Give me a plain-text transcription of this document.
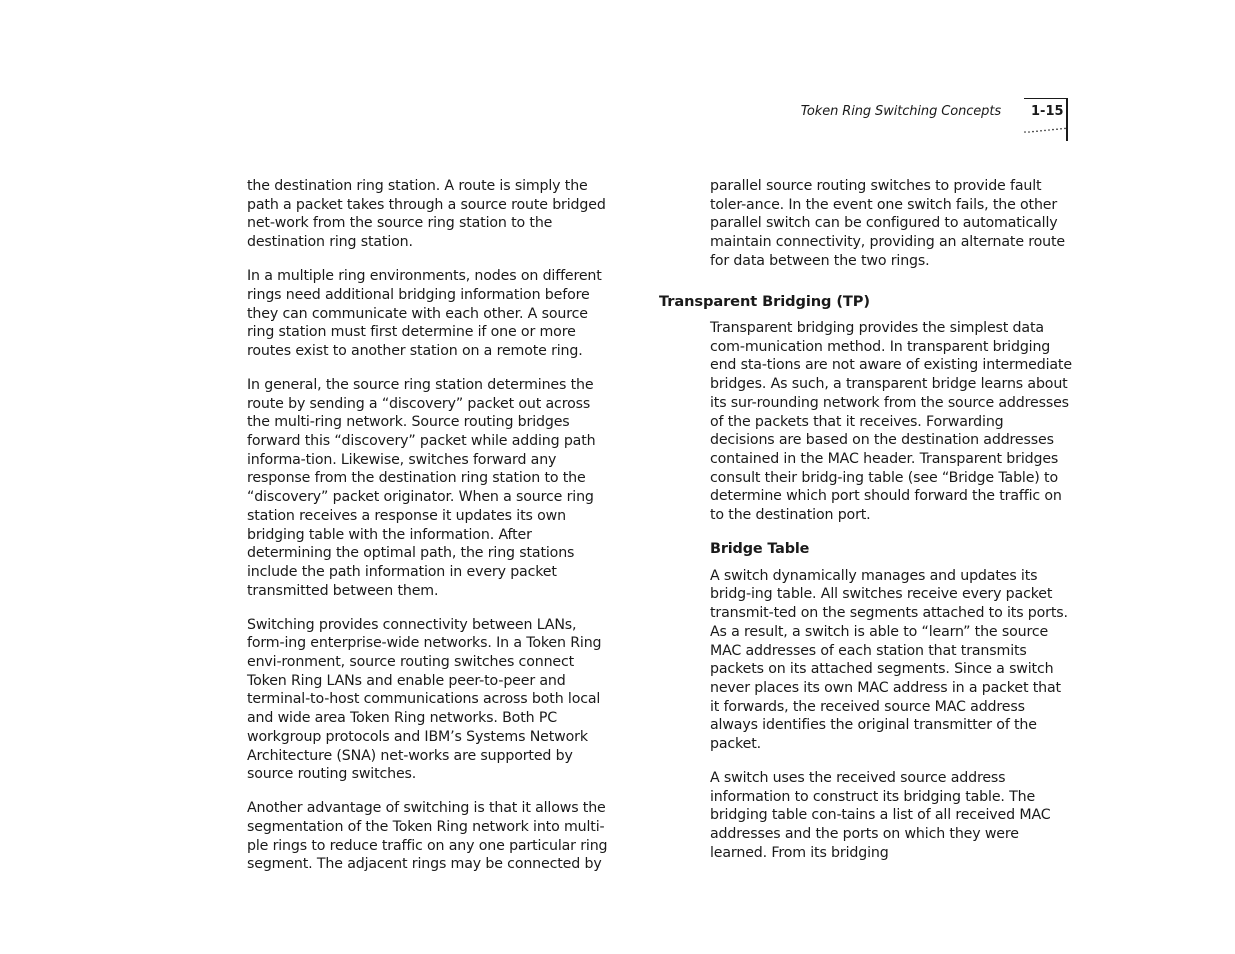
Token Ring Switching Concepts 1-15

the destination ring station. A route is simply the path a packet takes through a source route bridged net-work from the source ring station to the destination ring station.

In a multiple ring environments, nodes on different rings need additional bridging information before they can communicate with each other. A source ring station must first determine if one or more routes exist to another station on a remote ring.

In general, the source ring station determines the route by sending a “discovery” packet out across the multi-ring network. Source routing bridges forward this “discovery” packet while adding path informa-tion. Likewise, switches forward any response from the destination ring station to the “discovery” packet originator. When a source ring station receives a response it updates its own bridging table with the information. After determining the optimal path, the ring stations include the path information in every packet transmitted between them.

Switching provides connectivity between LANs, form-ing enterprise-wide networks. In a Token Ring envi-ronment, source routing switches connect Token Ring LANs and enable peer-to-peer and terminal-to-host communications across both local and wide area Token Ring networks. Both PC workgroup protocols and IBM’s Systems Network Architecture (SNA) net-works are supported by source routing switches.

Another advantage of switching is that it allows the segmentation of the Token Ring network into multi-ple rings to reduce traffic on any one particular ring segment. The adjacent rings may be connected by

parallel source routing switches to provide fault toler-ance. In the event one switch fails, the other parallel switch can be configured to automatically maintain connectivity, providing an alternate route for data between the two rings.

Transparent Bridging (TP)

Transparent bridging provides the simplest data com-munication method. In transparent bridging end sta-tions are not aware of existing intermediate bridges. As such, a transparent bridge learns about its sur-rounding network from the source addresses of the packets that it receives. Forwarding decisions are based on the destination addresses contained in the MAC header. Transparent bridges consult their bridg-ing table (see “Bridge Table) to determine which port should forward the traffic on to the destination port.

Bridge Table

A switch dynamically manages and updates its bridg-ing table. All switches receive every packet transmit-ted on the segments attached to its ports. As a result, a switch is able to “learn” the source MAC addresses of each station that transmits packets on its attached segments. Since a switch never places its own MAC address in a packet that it forwards, the received source MAC address always identifies the original transmitter of the packet.

A switch uses the received source address information to construct its bridging table. The bridging table con-tains a list of all received MAC addresses and the ports on which they were learned. From its bridging
